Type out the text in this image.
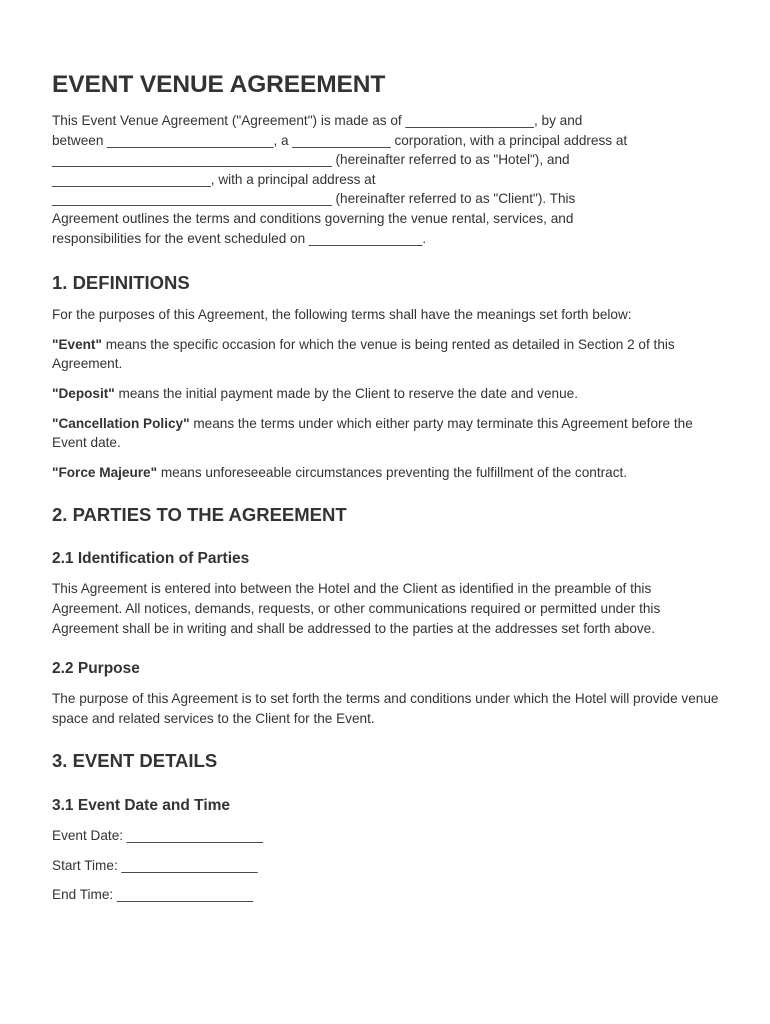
EVENT VENUE AGREEMENT

This Event Venue Agreement ("Agreement") is made as of _________________, by and

between ______________________, a _____________ corporation, with a principal address at

_____________________________________ (hereinafter referred to as "Hotel"), and

_____________________, with a principal address at

_____________________________________ (hereinafter referred to as "Client"). This

Agreement outlines the terms and conditions governing the venue rental, services, and

responsibilities for the event scheduled on _______________.

1. DEFINITIONS

For the purposes of this Agreement, the following terms shall have the meanings set forth below:

"Event" means the specific occasion for which the venue is being rented as detailed in Section 2 of this Agreement.

"Deposit" means the initial payment made by the Client to reserve the date and venue.

"Cancellation Policy" means the terms under which either party may terminate this Agreement before the Event date.

"Force Majeure" means unforeseeable circumstances preventing the fulfillment of the contract.

2. PARTIES TO THE AGREEMENT
2.1 Identification of Parties

This Agreement is entered into between the Hotel and the Client as identified in the preamble of this Agreement. All notices, demands, requests, or other communications required or permitted under this Agreement shall be in writing and shall be addressed to the parties at the addresses set forth above.

2.2 Purpose

The purpose of this Agreement is to set forth the terms and conditions under which the Hotel will provide venue space and related services to the Client for the Event.

3. EVENT DETAILS
3.1 Event Date and Time

Event Date: __________________

Start Time: __________________

End Time: __________________
